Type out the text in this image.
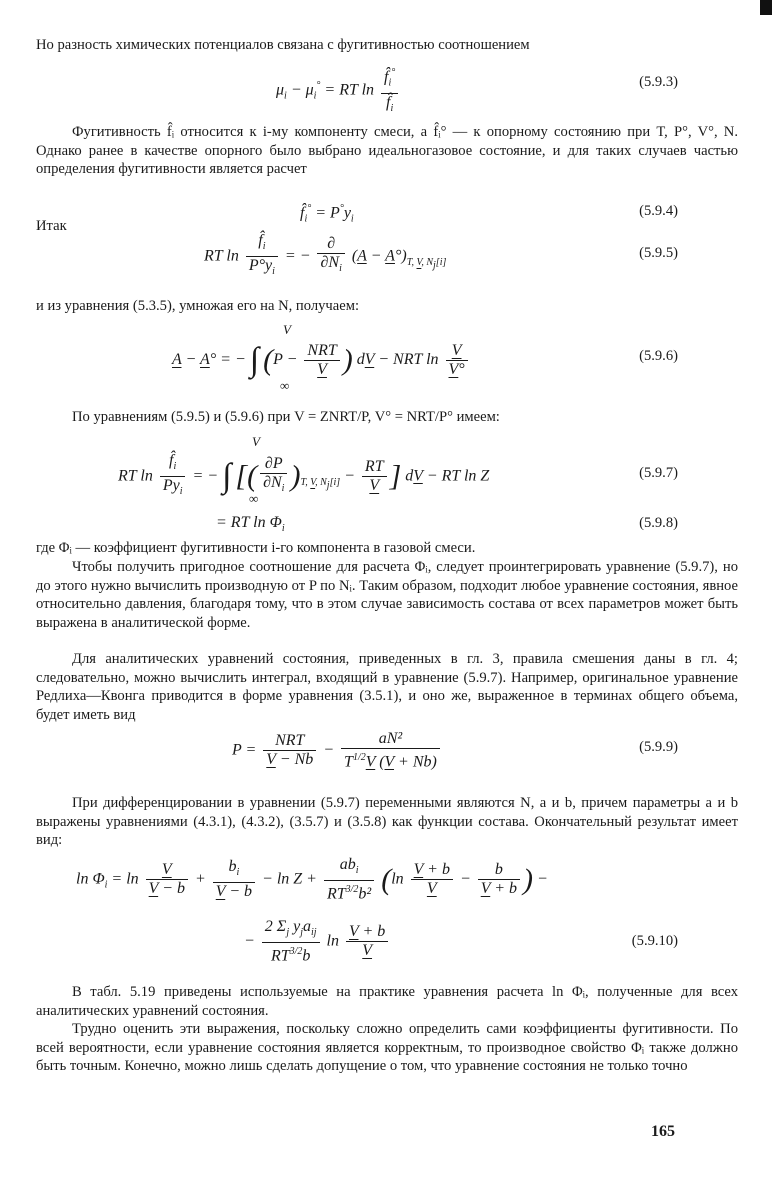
Но разность химических потенциалов связана с фугитивностью соотношением

$\mu_i - \mu_i^\circ$ = RT $\ln \frac{f̂_i^\circ}{f̂_i}$	(5.9.3)

Фугитивность f̂ᵢ относится к i-му компоненту смеси, а f̂ᵢ° — к опорному состоянию при T, P°, V°, N. Однако ранее в качестве опорного было выбрано идеальногазовое состояние, и для таких случаев частью определения фугитивности является расчет

$f̂_i^\circ = P^\circ y_i$
(5.9.4)
Итак
RT $\ln \frac{f̂_i}{P^\circ y_i}$ = − $\frac{\partial}{\partial N_i} (A - A^\circ)_{T, V, N_j[i]}$
(5.9.5)

и из уравнения (5.3.5), умножая его на N, получаем:

A − A° = − ∫ ($P - \frac{\text{NRT}}{V}$ ) dV − NRT $\ln \frac{V}{V^\circ}$
V
∞
(5.9.6)

По уравнениям (5.9.5) и (5.9.6) при V = ZNRT/P, V° = NRT/P° имеем:

RT $\ln \frac{f̂_i}{Py_i}$ = − ∫ [( $\frac{\partial P}{\partial N_i} )_{T, V, N_j[i]} - \frac{RT}{V}$ ] dV − RT ln Z
V
∞
(5.9.7)
= RT $\ln \Phi_i$	(5.9.8)

где Φᵢ — коэффициент фугитивности i-го компонента в газовой смеси.

Чтобы получить пригодное соотношение для расчета Φᵢ, следует проинтегрировать уравнение (5.9.7), но до этого нужно вычислить производную от P по Nᵢ. Таким образом, подходит любое уравнение состояния, явное относительно давления, благодаря тому, что в этом случае зависимость состава от всех параметров может быть выражена в аналитической форме.

Для аналитических уравнений состояния, приведенных в гл. 3, правила смешения даны в гл. 4; следовательно, можно вычислить интеграл, входящий в уравнение (5.9.7). Например, оригинальное уравнение Редлиха—Квонга приводится в форме уравнения (3.5.1), и оно же, выраженное в терминах общего объема, будет иметь вид

$P = \frac{\text{NRT}}{V - Nb} - \frac{\text{aN²}}{T^{1/2}V (V + Nb)}$	(5.9.9)

При дифференцировании в уравнении (5.9.7) переменными являются N, a и b, причем параметры a и b выражены уравнениями (4.3.1), (4.3.2), (3.5.7) и (3.5.8) как функции состава. Окончательный результат имеет вид:

$\ln \Phi_i = \ln \frac{V}{V - b} + \frac{b_i}{V - b} - \ln Z + \frac{ab_i}{RT^{3/2}b^2} (\ln \frac{V + b}{V} - \frac{b}{V + b}$ ) −
− $\frac{2 \Sigma_j y_ja_{ij}}{RT^{3/2}b}$ $\ln \frac{V + b}{V}$	(5.9.10)

В табл. 5.19 приведены используемые на практике уравнения расчета ln Φᵢ, полученные для всех аналитических уравнений состояния.

Трудно оценить эти выражения, поскольку сложно определить сами коэффициенты фугитивности. По всей вероятности, если уравнение состояния является корректным, то производное свойство Φᵢ также должно быть точным. Конечно, можно лишь сделать допущение о том, что уравнение состояния не только точно

165
